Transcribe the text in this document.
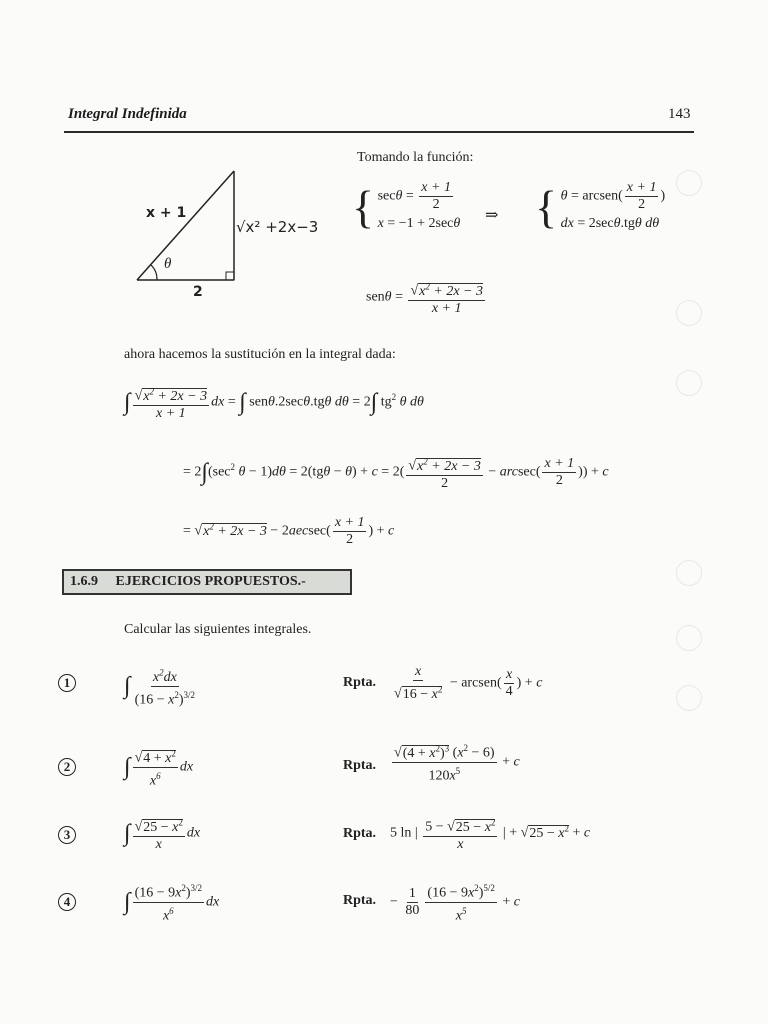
Integral Indefinida	143
x + 1
√x² +2x−3
θ
2
Tomando la función:
{ $\sec\theta = \frac{x + 1}{2}$
x = −1 + 2secθ ⇒ { θ = arcsen( $\frac{x + 1}{2}$ )
dx = 2secθ.tgθ dθ
$sen\theta = \frac{√x^2 + 2x - 3}{x + 1}$
ahora hacemos la sustitución en la integral dada:
∫ $\frac{√x^2 + 2x - 3}{x + 1}$ dx = ∫ senθ.2secθ.tgθ dθ = 2∫ $tg^2$ θ dθ
= $2\int(\sec^2$ $\theta - 1)d\theta = 2(tg\theta - \theta) + c = 2( \frac{√x^2 + 2x - 3}{2} - arcsec( \frac{x + 1}{2}$ )) + c
= $√x^2 + 2x - 3 - 2aecsec( \frac{x + 1}{2}$ ) + c
1.6.9 EJERCICIOS PROPUESTOS.-
Calcular las siguientes integrales.
1 ∫ $\frac{x^2dx}{(16 - x^2)^{3/2}}$	Rpta. $\frac{x}{√16 - x^2}$ − arcsen( $\frac{x}{4}$ ) + c
2 ∫ $\frac{√4 + x^2}{x^6}$ dx	Rpta. $\frac{√(4 + x^2)^3 (x^2 - 6)}{120x^5} + c$
3 ∫ $\frac{√25 - x^2}{x}$ dx	Rpta. 5 ln | $\frac{5 - √25 - x^2}{x}$ | + $√25 - x^2 + c$
4 ∫ $\frac{(16 - 9x^2)^{3/2}}{x^6}$ dx	Rpta. − $\frac{1}{80} \frac{(16 - 9x^2)^{5/2}}{x^5} + c$
